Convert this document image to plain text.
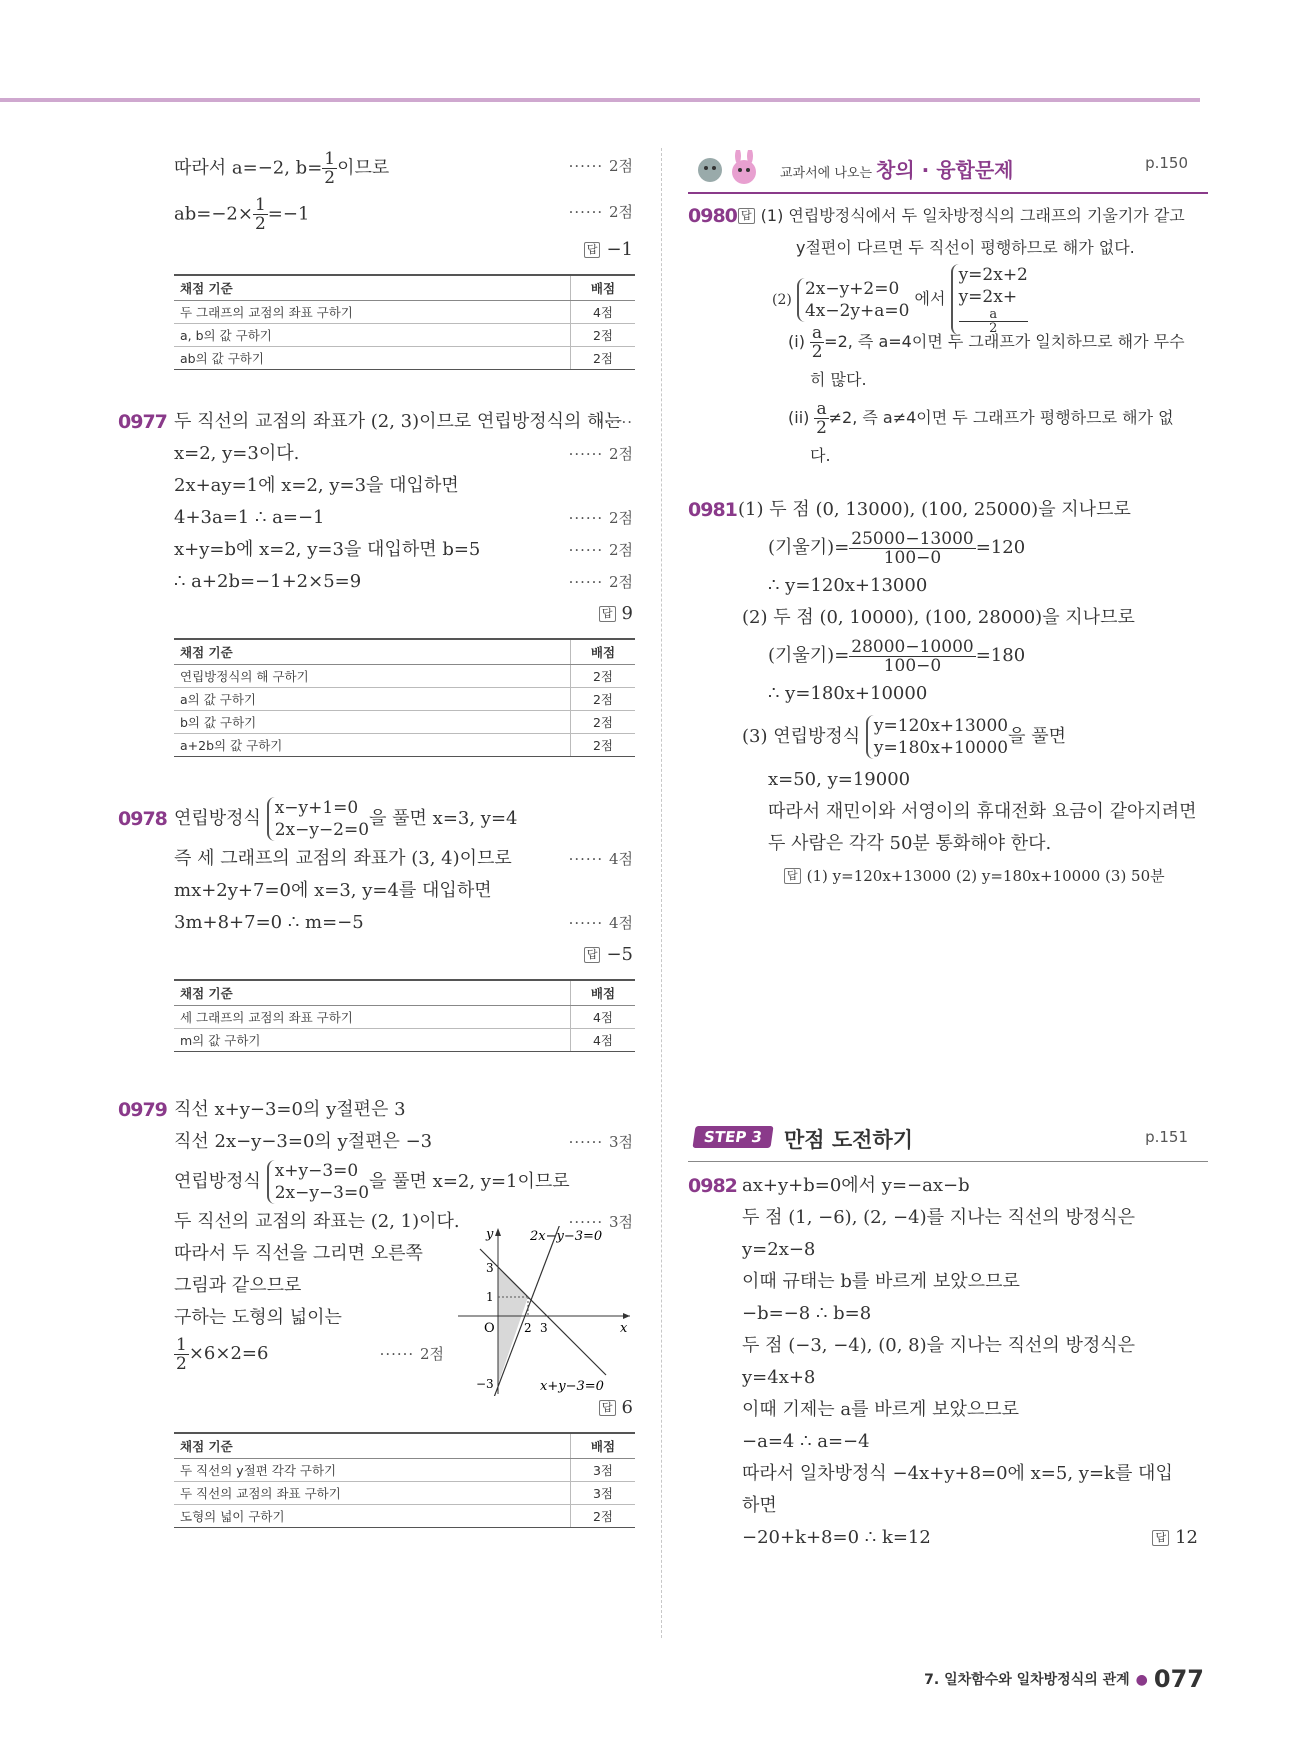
따라서 a=−2, $b= \frac{1}{2}$ 이므로	······ 2점
$ab=-2\times \frac{1}{2} =-1$	······ 2점
답 −1
채점 기준	배점
두 그래프의 교점의 좌표 구하기	4점
a, b의 값 구하기	2점
ab의 값 구하기	2점
0977 두 직선의 교점의 좌표가 (2, 3)이므로 연립방정식의 해는
······
x=2, y=3이다.	······ 2점
2x+ay=1에 x=2, y=3을 대입하면
4+3a=1 ∴ a=−1	······ 2점
x+y=b에 x=2, y=3을 대입하면 b=5	······ 2점
∴ a+2b=−1+2×5=9	······ 2점
답 9
채점 기준	배점
연립방정식의 해 구하기	2점
a의 값 구하기	2점
b의 값 구하기	2점
a+2b의 값 구하기	2점
0978 연립방정식 x−y+1=0
2x−y−2=0
을 풀면 x=3, y=4
즉 세 그래프의 교점의 좌표가 (3, 4)이므로	······ 4점
mx+2y+7=0에 x=3, y=4를 대입하면
3m+8+7=0 ∴ m=−5	······ 4점
답 −5
채점 기준	배점
세 그래프의 교점의 좌표 구하기	4점
m의 값 구하기	4점
0979 직선 x+y−3=0의 y절편은 3
직선 2x−y−3=0의 y절편은 −3	······ 3점
연립방정식 x+y−3=0
2x−y−3=0
을 풀면 x=2, y=1이므로
두 직선의 교점의 좌표는 (2, 1)이다.	······ 3점
따라서 두 직선을 그리면 오른쪽
그림과 같으므로
구하는 도형의 넓이는
$\frac{1}{2} \times 6\times 2=6$	······ 2점
y
x
O
3
1
−3
2 3
2x−y−3=0
x+y−3=0
답 6
채점 기준	배점
두 직선의 y절편 각각 구하기	3점
두 직선의 교점의 좌표 구하기	3점
도형의 넓이 구하기	2점
교과서에 나오는 창의 · 융합문제	p.150
0980 답 (1) 연립방정식에서 두 일차방정식의 그래프의 기울기가 같고
y절편이 다르면 두 직선이 평행하므로 해가 없다.
(2)
2x−y+2=0
4x−2y+a=0
에서
y=2x+2
y=2x+
a
2
$(i) \frac{a}{2} =2$, 즉 a=4이면 두 그래프가 일치하므로 해가 무수
히 많다.
$(ii) \frac{a}{2} \ne 2$, 즉 a≠4이면 두 그래프가 평행하므로 해가 없
다.
0981 (1) 두 점 (0, 13000), (100, 25000)을 지나므로
(기울기)= $\frac{25000-13000}{100-0} =120$
∴ y=120x+13000
(2) 두 점 (0, 10000), (100, 28000)을 지나므로
(기울기)= $\frac{28000-10000}{100-0} =180$
∴ y=180x+10000
(3) 연립방정식 y=120x+13000
y=180x+10000
을 풀면
x=50, y=19000
따라서 재민이와 서영이의 휴대전화 요금이 같아지려면
두 사람은 각각 50분 통화해야 한다.
답 (1) y=120x+13000 (2) y=180x+10000 (3) 50분
STEP 3 만점 도전하기	p.151
0982 ax+y+b=0에서 y=−ax−b
두 점 (1, −6), (2, −4)를 지나는 직선의 방정식은
y=2x−8
이때 규태는 b를 바르게 보았으므로
−b=−8 ∴ b=8
두 점 (−3, −4), (0, 8)을 지나는 직선의 방정식은
y=4x+8
이때 기제는 a를 바르게 보았으므로
−a=4 ∴ a=−4
따라서 일차방정식 −4x+y+8=0에 x=5, y=k를 대입
하면
−20+k+8=0 ∴ k=12	답 12
7. 일차함수와 일차방정식의 관계 ● 077
